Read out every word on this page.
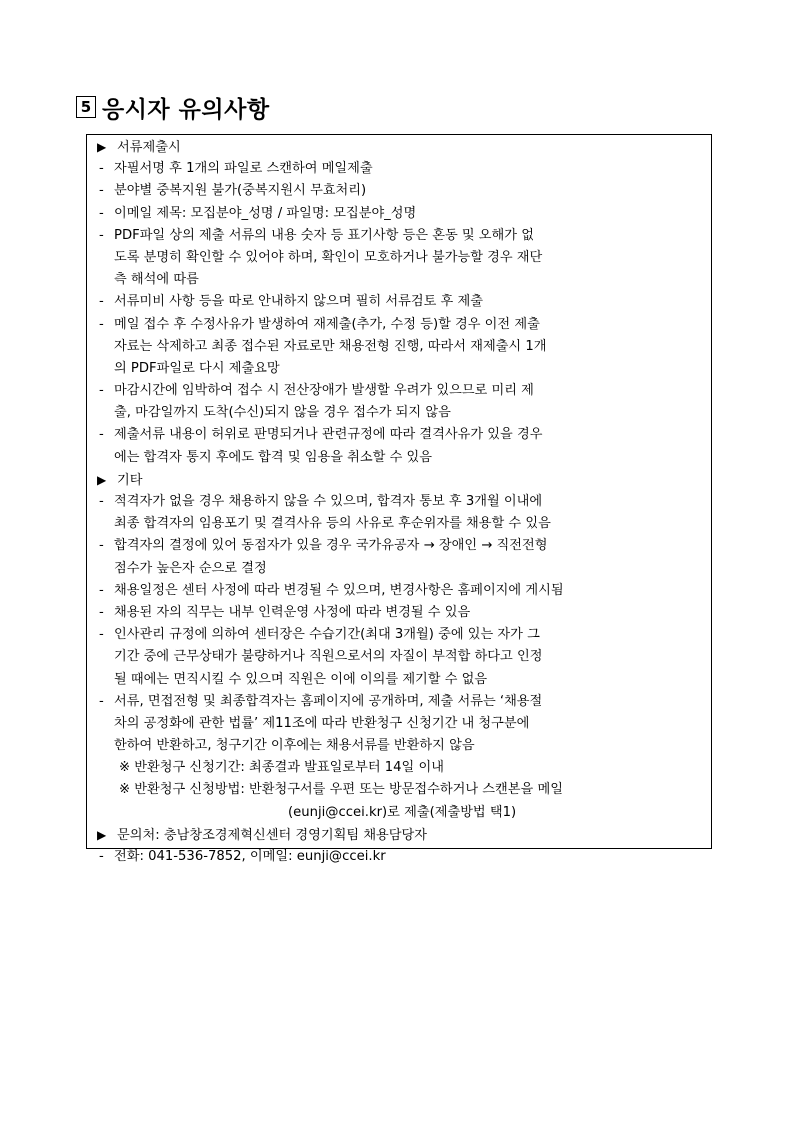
5 응시자 유의사항
▶ 서류제출시
- 자필서명 후 1개의 파일로 스캔하여 메일제출
- 분야별 중복지원 불가(중복지원시 무효처리)
- 이메일 제목: 모집분야_성명 / 파일명: 모집분야_성명
- PDF파일 상의 제출 서류의 내용 숫자 등 표기사항 등은 혼동 및 오해가 없
도록 분명히 확인할 수 있어야 하며, 확인이 모호하거나 불가능할 경우 재단
측 해석에 따름
- 서류미비 사항 등을 따로 안내하지 않으며 필히 서류검토 후 제출
- 메일 접수 후 수정사유가 발생하여 재제출(추가, 수정 등)할 경우 이전 제출
자료는 삭제하고 최종 접수된 자료로만 채용전형 진행, 따라서 재제출시 1개
의 PDF파일로 다시 제출요망
- 마감시간에 임박하여 접수 시 전산장애가 발생할 우려가 있으므로 미리 제
출, 마감일까지 도착(수신)되지 않을 경우 접수가 되지 않음
- 제출서류 내용이 허위로 판명되거나 관련규정에 따라 결격사유가 있을 경우
에는 합격자 통지 후에도 합격 및 임용을 취소할 수 있음
▶ 기타
- 적격자가 없을 경우 채용하지 않을 수 있으며, 합격자 통보 후 3개월 이내에
최종 합격자의 임용포기 및 결격사유 등의 사유로 후순위자를 채용할 수 있음
- 합격자의 결정에 있어 동점자가 있을 경우 국가유공자 → 장애인 → 직전전형
점수가 높은자 순으로 결정
- 채용일정은 센터 사정에 따라 변경될 수 있으며, 변경사항은 홈페이지에 게시됨
- 채용된 자의 직무는 내부 인력운영 사정에 따라 변경될 수 있음
- 인사관리 규정에 의하여 센터장은 수습기간(최대 3개월) 중에 있는 자가 그
기간 중에 근무상태가 불량하거나 직원으로서의 자질이 부적합 하다고 인정
될 때에는 면직시킬 수 있으며 직원은 이에 이의를 제기할 수 없음
- 서류, 면접전형 및 최종합격자는 홈페이지에 공개하며, 제출 서류는 ‘채용절
차의 공정화에 관한 법률’ 제11조에 따라 반환청구 신청기간 내 청구분에
한하여 반환하고, 청구기간 이후에는 채용서류를 반환하지 않음
※ 반환청구 신청기간: 최종결과 발표일로부터 14일 이내
※ 반환청구 신청방법: 반환청구서를 우편 또는 방문접수하거나 스캔본을 메일
(eunji@ccei.kr)로 제출(제출방법 택1)
▶ 문의처: 충남창조경제혁신센터 경영기획팀 채용담당자
- 전화: 041-536-7852, 이메일: eunji@ccei.kr
